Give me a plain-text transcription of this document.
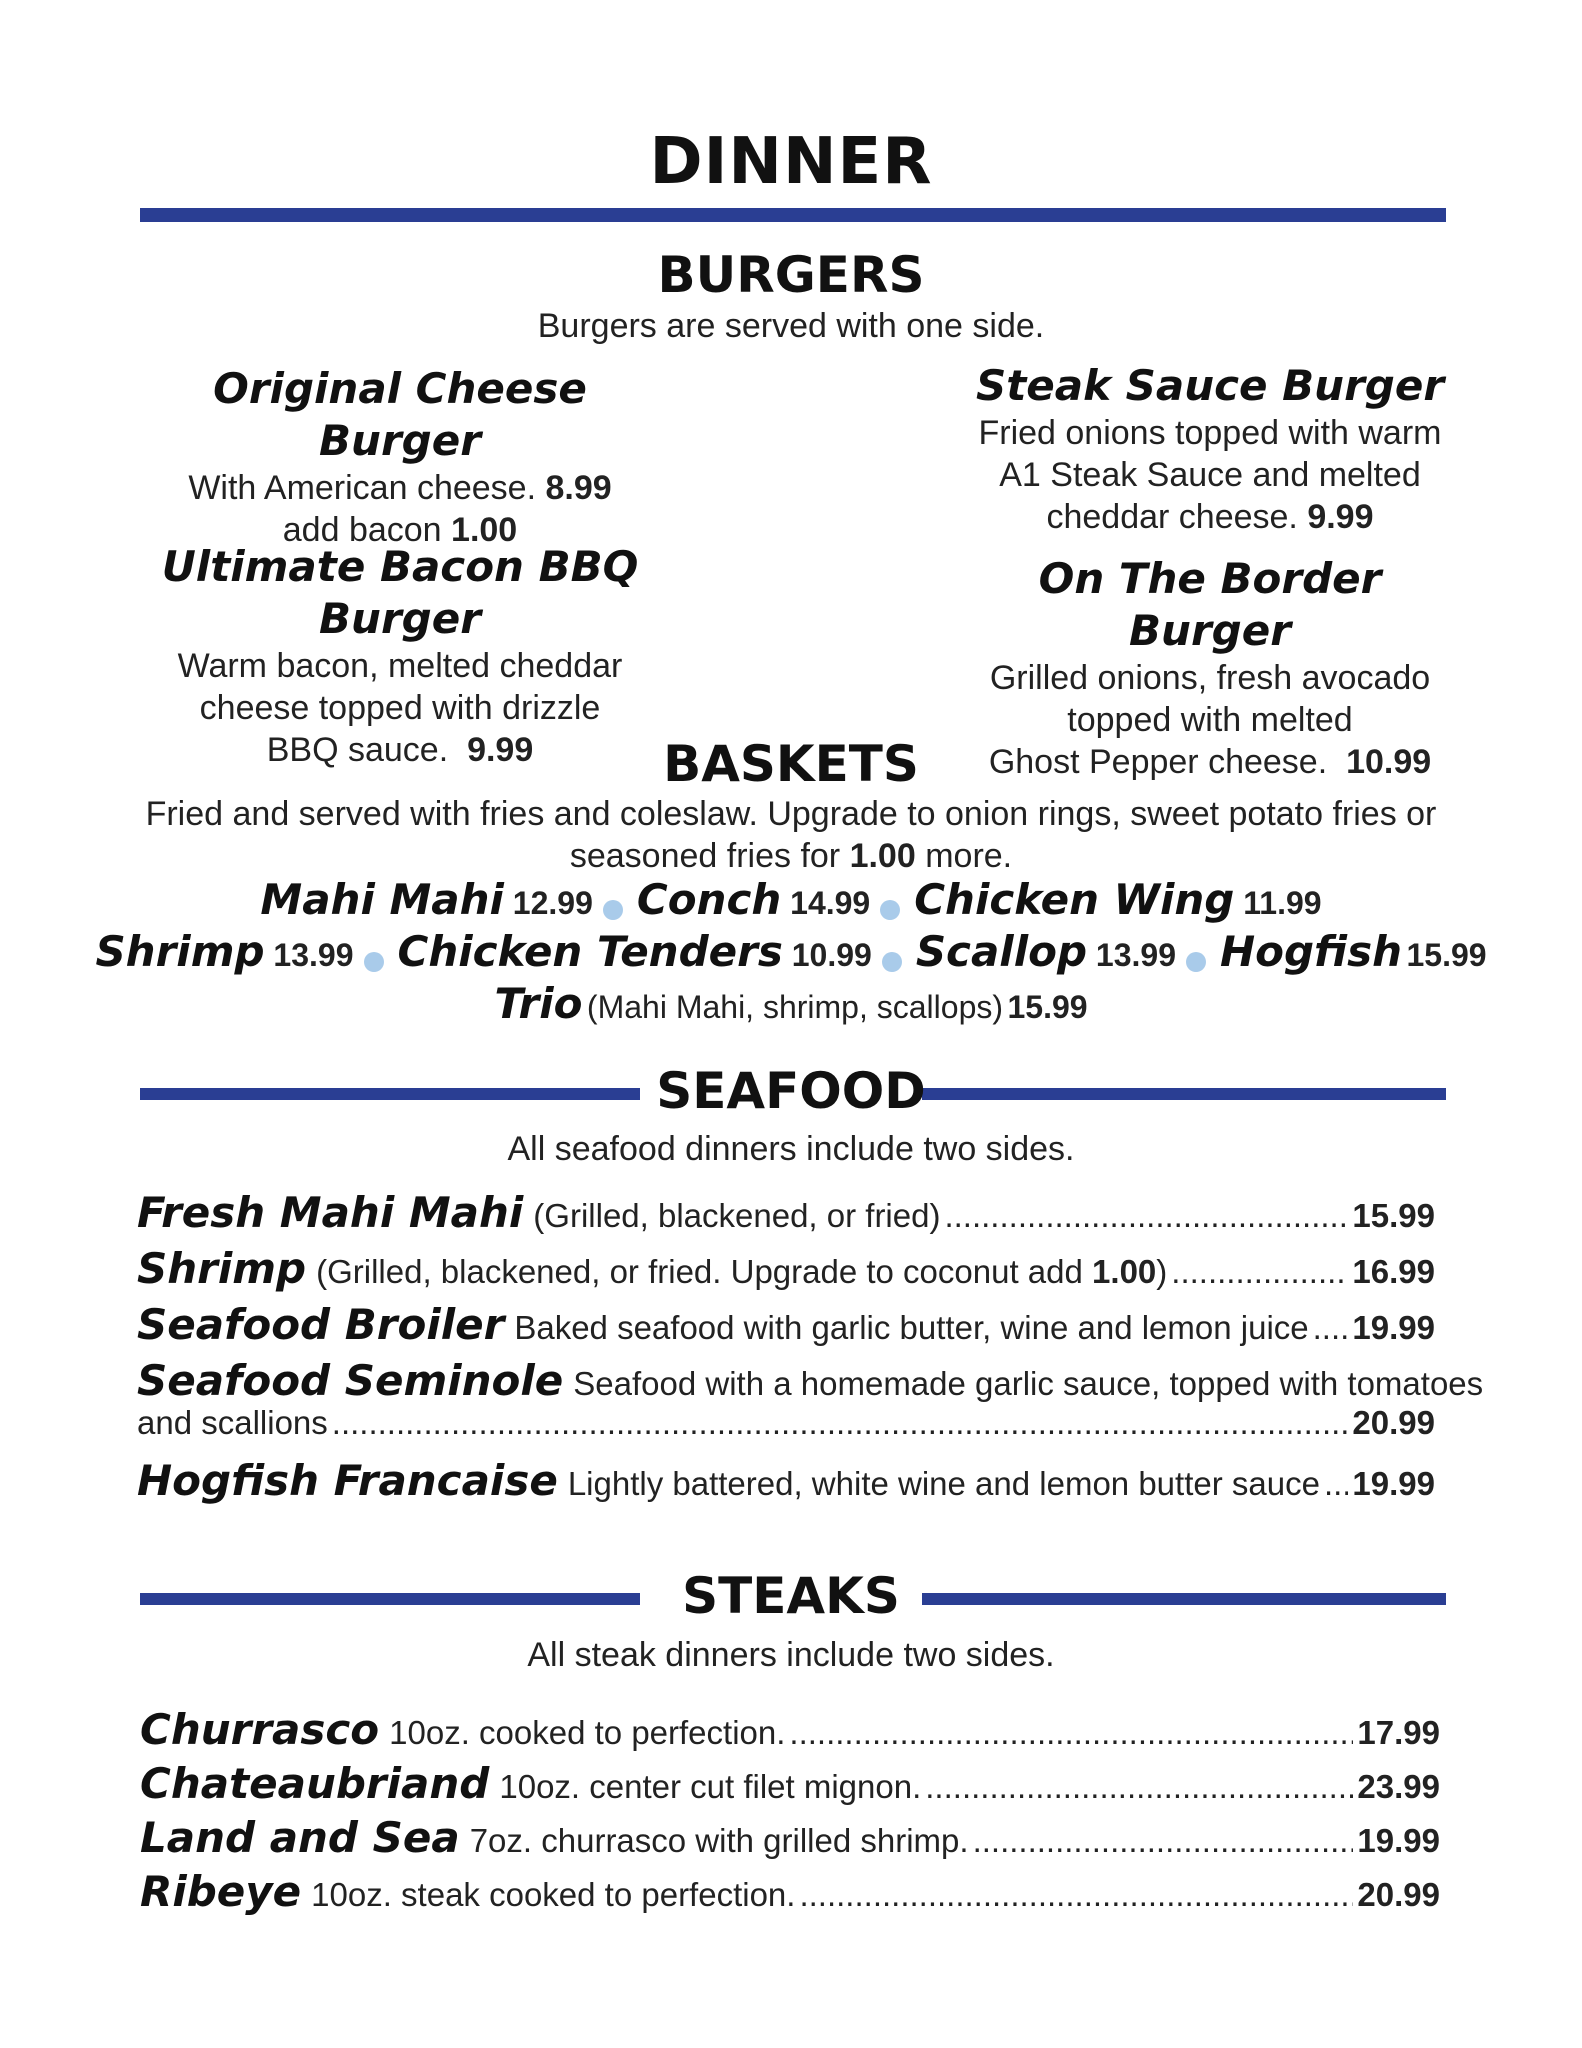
DINNER
BURGERS
Burgers are served with one side.
Original Cheese Burger
With American cheese. 8.99
add bacon 1.00
Ultimate Bacon BBQ Burger
Warm bacon, melted cheddar
cheese topped with drizzle
BBQ sauce. 9.99
Steak Sauce Burger
Fried onions topped with warm
A1 Steak Sauce and melted
cheddar cheese. 9.99
On The Border Burger
Grilled onions, fresh avocado
topped with melted
Ghost Pepper cheese. 10.99
BASKETS
Fried and served with fries and coleslaw. Upgrade to onion rings, sweet potato fries or
seasoned fries for 1.00 more.
Mahi Mahi 12.99 Conch 14.99 Chicken Wing 11.99
Shrimp 13.99 Chicken Tenders 10.99 Scallop 13.99 Hogfish 15.99
Trio (Mahi Mahi, shrimp, scallops) 15.99
SEAFOOD
All seafood dinners include two sides.
Fresh Mahi Mahi (Grilled, blackened, or fried) .....	15.99
Shrimp (Grilled, blackened, or fried. Upgrade to coconut add 1.00) .....	16.99
Seafood Broiler Baked seafood with garlic butter, wine and lemon juice ..... 19.99
Seafood Seminole Seafood with a homemade garlic sauce, topped with tomatoes
and scallions .....	20.99
Hogfish Francaise Lightly battered, white wine and lemon butter sauce ..... 19.99
STEAKS
All steak dinners include two sides.
Churrasco 10oz. cooked to perfection. .....	17.99
Chateaubriand 10oz. center cut filet mignon. .....	23.99
Land and Sea 7oz. churrasco with grilled shrimp. .....	19.99
Ribeye 10oz. steak cooked to perfection. .....	20.99
